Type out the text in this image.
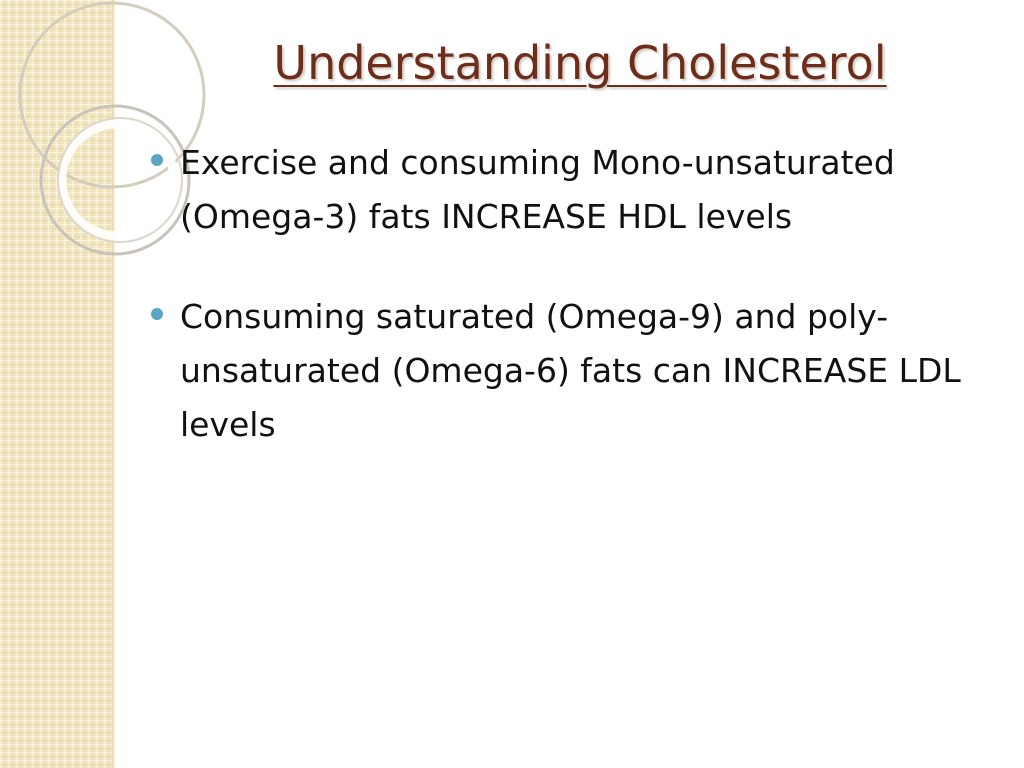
Understanding Cholesterol
Exercise and consuming Mono-unsaturated (Omega-3) fats INCREASE HDL levels
Consuming saturated (Omega-9) and poly-unsaturated (Omega-6) fats can INCREASE LDL levels
